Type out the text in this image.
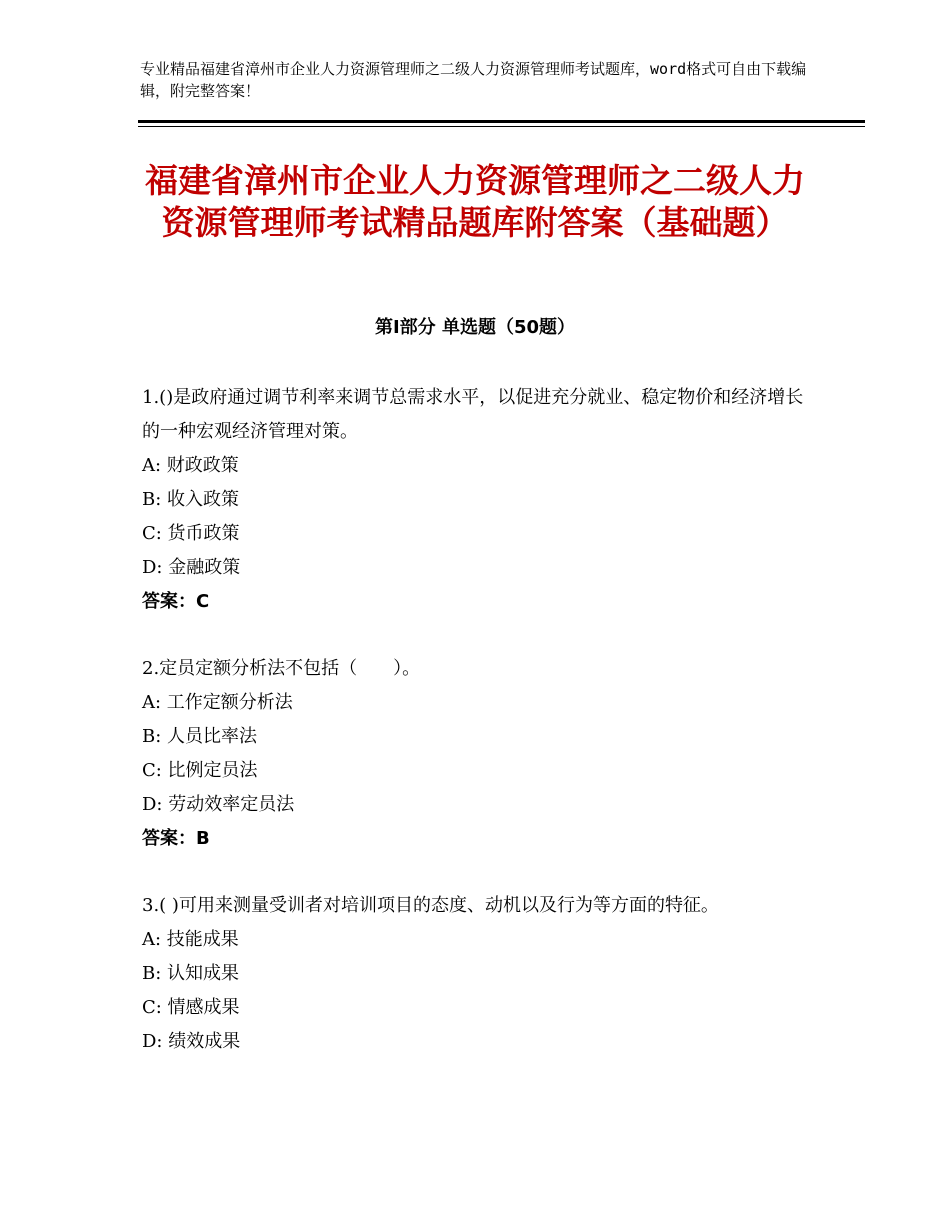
专业精品福建省漳州市企业人力资源管理师之二级人力资源管理师考试题库，word格式可自由下载编辑，附完整答案！
福建省漳州市企业人力资源管理师之二级人力资源管理师考试精品题库附答案（基础题）
第Ⅰ部分 单选题（50题）

1.()是政府通过调节利率来调节总需求水平，以促进充分就业、稳定物价和经济增长的一种宏观经济管理对策。

A: 财政政策

B: 收入政策

C: 货币政策

D: 金融政策

答案：C

2.定员定额分析法不包括（　　）。

A: 工作定额分析法

B: 人员比率法

C: 比例定员法

D: 劳动效率定员法

答案：B

3.( )可用来测量受训者对培训项目的态度、动机以及行为等方面的特征。

A: 技能成果

B: 认知成果

C: 情感成果

D: 绩效成果
